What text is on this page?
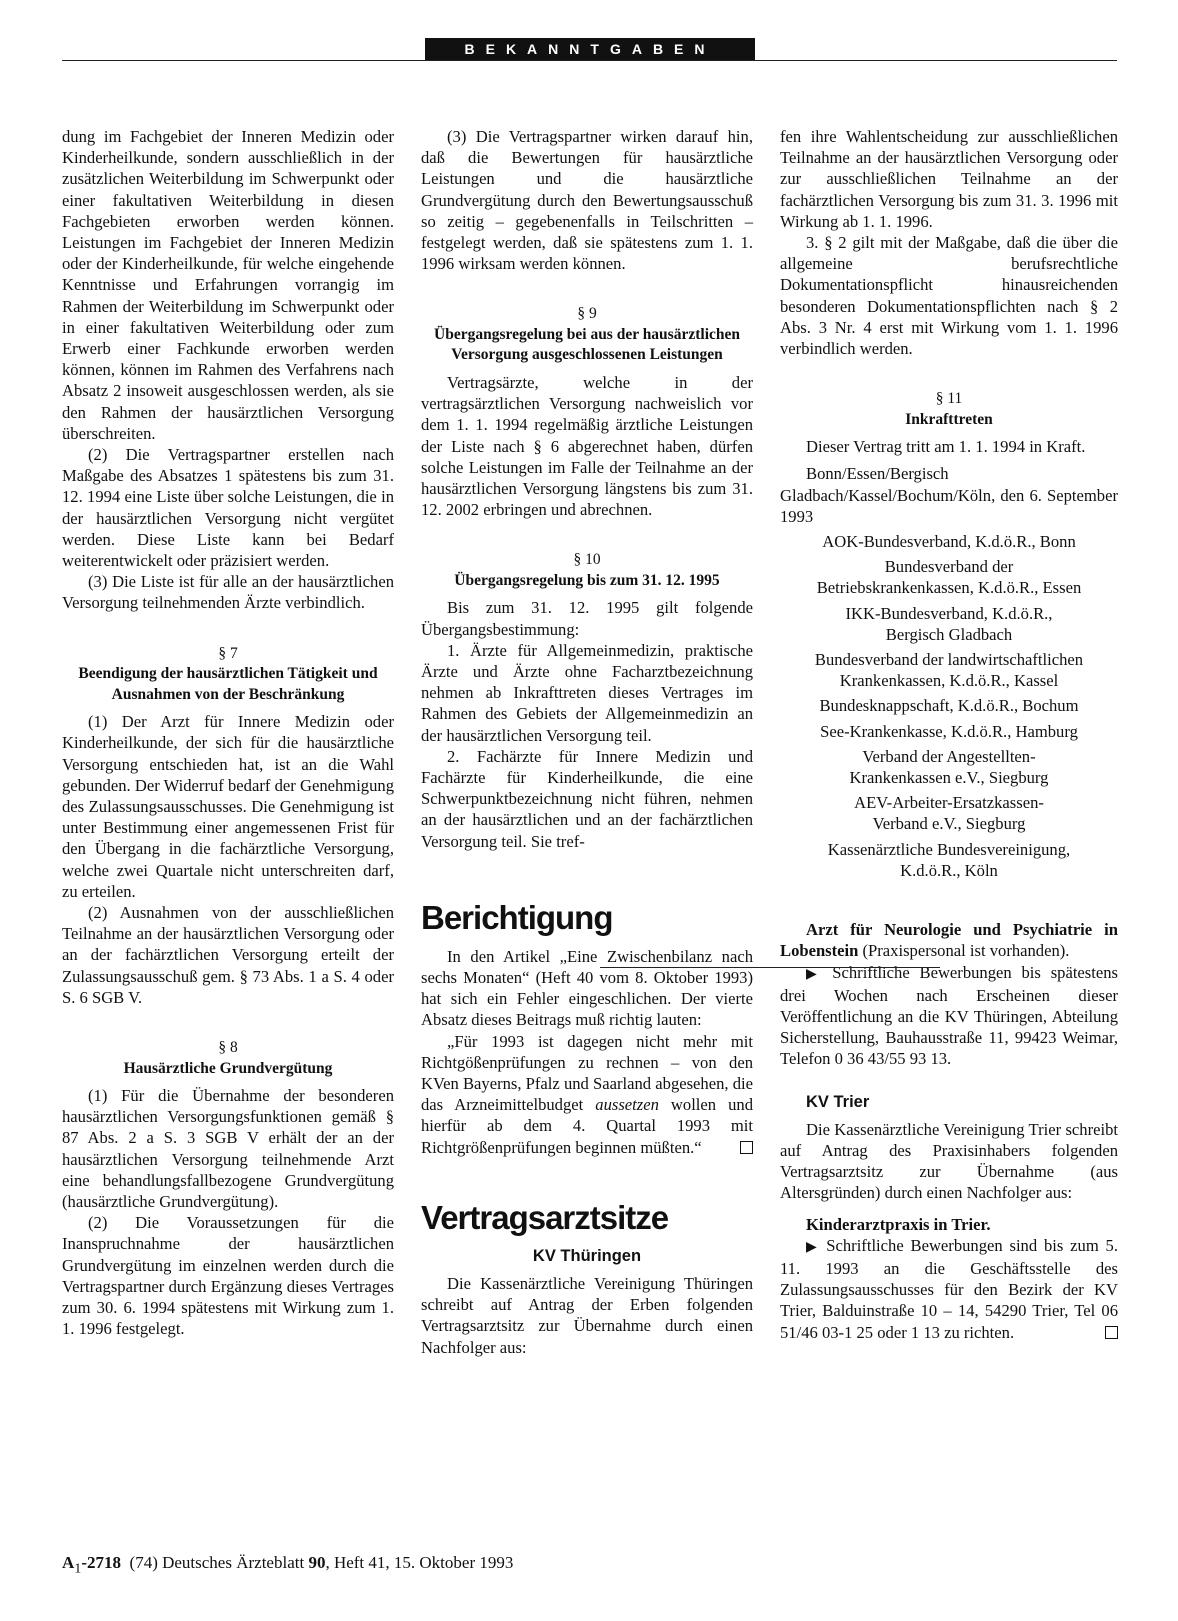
BEKANNTGABEN

dung im Fachgebiet der Inneren Medizin oder Kinderheilkunde, sondern ausschließlich in der zusätzlichen Weiterbildung im Schwerpunkt oder einer fakultativen Weiterbildung in diesen Fachgebieten erworben werden können. Leistungen im Fachgebiet der Inneren Medizin oder der Kinderheilkunde, für welche eingehende Kenntnisse und Erfahrungen vorrangig im Rahmen der Weiterbildung im Schwerpunkt oder in einer fakultativen Weiterbildung oder zum Erwerb einer Fachkunde erworben werden können, können im Rahmen des Verfahrens nach Absatz 2 insoweit ausgeschlossen werden, als sie den Rahmen der hausärztlichen Versorgung überschreiten.

(2) Die Vertragspartner erstellen nach Maßgabe des Absatzes 1 spätestens bis zum 31. 12. 1994 eine Liste über solche Leistungen, die in der hausärztlichen Versorgung nicht vergütet werden. Diese Liste kann bei Bedarf weiterentwickelt oder präzisiert werden.

(3) Die Liste ist für alle an der hausärztlichen Versorgung teilnehmenden Ärzte verbindlich.

§ 7
Beendigung der hausärztlichen Tätigkeit und Ausnahmen von der Beschränkung

(1) Der Arzt für Innere Medizin oder Kinderheilkunde, der sich für die hausärztliche Versorgung entschieden hat, ist an die Wahl gebunden. Der Widerruf bedarf der Genehmigung des Zulassungsausschusses. Die Genehmigung ist unter Bestimmung einer angemessenen Frist für den Übergang in die fachärztliche Versorgung, welche zwei Quartale nicht unterschreiten darf, zu erteilen.

(2) Ausnahmen von der ausschließlichen Teilnahme an der hausärztlichen Versorgung oder an der fachärztlichen Versorgung erteilt der Zulassungsausschuß gem. § 73 Abs. 1 a S. 4 oder S. 6 SGB V.

§ 8
Hausärztliche Grundvergütung

(1) Für die Übernahme der besonderen hausärztlichen Versorgungsfunktionen gemäß § 87 Abs. 2 a S. 3 SGB V erhält der an der hausärztlichen Versorgung teilnehmende Arzt eine behandlungsfallbezogene Grundvergütung (hausärztliche Grundvergütung).

(2) Die Voraussetzungen für die Inanspruchnahme der hausärztlichen Grundvergütung im einzelnen werden durch die Vertragspartner durch Ergänzung dieses Vertrages zum 30. 6. 1994 spätestens mit Wirkung zum 1. 1. 1996 festgelegt.

(3) Die Vertragspartner wirken darauf hin, daß die Bewertungen für hausärztliche Leistungen und die hausärztliche Grundvergütung durch den Bewertungsausschuß so zeitig – gegebenenfalls in Teilschritten – festgelegt werden, daß sie spätestens zum 1. 1. 1996 wirksam werden können.

§ 9
Übergangsregelung bei aus der hausärztlichen Versorgung ausgeschlossenen Leistungen

Vertragsärzte, welche in der vertragsärztlichen Versorgung nachweislich vor dem 1. 1. 1994 regelmäßig ärztliche Leistungen der Liste nach § 6 abgerechnet haben, dürfen solche Leistungen im Falle der Teilnahme an der hausärztlichen Versorgung längstens bis zum 31. 12. 2002 erbringen und abrechnen.

§ 10
Übergangsregelung bis zum 31. 12. 1995

Bis zum 31. 12. 1995 gilt folgende Übergangsbestimmung:

1. Ärzte für Allgemeinmedizin, praktische Ärzte und Ärzte ohne Facharztbezeichnung nehmen ab Inkrafttreten dieses Vertrages im Rahmen des Gebiets der Allgemeinmedizin an der hausärztlichen Versorgung teil.

2. Fachärzte für Innere Medizin und Fachärzte für Kinderheilkunde, die eine Schwerpunktbezeichnung nicht führen, nehmen an der hausärztlichen und an der fachärztlichen Versorgung teil. Sie tref-

Berichtigung

In den Artikel „Eine Zwischenbilanz nach sechs Monaten“ (Heft 40 vom 8. Oktober 1993) hat sich ein Fehler eingeschlichen. Der vierte Absatz dieses Beitrags muß richtig lauten:

„Für 1993 ist dagegen nicht mehr mit Richtgößenprüfungen zu rechnen – von den KVen Bayerns, Pfalz und Saarland abgesehen, die das Arzneimittelbudget aussetzen wollen und hierfür ab dem 4. Quartal 1993 mit Richtgrößenprüfungen beginnen müßten.“

Vertragsarztsitze
KV Thüringen

Die Kassenärztliche Vereinigung Thüringen schreibt auf Antrag der Erben folgenden Vertragsarztsitz zur Übernahme durch einen Nachfolger aus:

fen ihre Wahlentscheidung zur ausschließlichen Teilnahme an der hausärztlichen Versorgung oder zur ausschließlichen Teilnahme an der fachärztlichen Versorgung bis zum 31. 3. 1996 mit Wirkung ab 1. 1. 1996.

3. § 2 gilt mit der Maßgabe, daß die über die allgemeine berufsrechtliche Dokumentationspflicht hinausreichenden besonderen Dokumentationspflichten nach § 2 Abs. 3 Nr. 4 erst mit Wirkung vom 1. 1. 1996 verbindlich werden.

§ 11
Inkrafttreten

Dieser Vertrag tritt am 1. 1. 1994 in Kraft.

Bonn/Essen/Bergisch Gladbach/Kassel/Bochum/Köln, den 6. September 1993

AOK-Bundesverband, K.d.ö.R., Bonn
Bundesverband der
Betriebskrankenkassen, K.d.ö.R., Essen
IKK-Bundesverband, K.d.ö.R.,
Bergisch Gladbach
Bundesverband der landwirtschaftlichen
Krankenkassen, K.d.ö.R., Kassel
Bundesknappschaft, K.d.ö.R., Bochum
See-Krankenkasse, K.d.ö.R., Hamburg
Verband der Angestellten-
Krankenkassen e.V., Siegburg
AEV-Arbeiter-Ersatzkassen-
Verband e.V., Siegburg
Kassenärztliche Bundesvereinigung,
K.d.ö.R., Köln

Arzt für Neurologie und Psychiatrie in Lobenstein (Praxispersonal ist vorhanden).

▶ Schriftliche Bewerbungen bis spätestens drei Wochen nach Erscheinen dieser Veröffentlichung an die KV Thüringen, Abteilung Sicherstellung, Bauhausstraße 11, 99423 Weimar, Telefon 0 36 43/55 93 13.

KV Trier

Die Kassenärztliche Vereinigung Trier schreibt auf Antrag des Praxisinhabers folgenden Vertragsarztsitz zur Übernahme (aus Altersgründen) durch einen Nachfolger aus:

Kinderarztpraxis in Trier.

▶ Schriftliche Bewerbungen sind bis zum 5. 11. 1993 an die Geschäftsstelle des Zulassungsausschusses für den Bezirk der KV Trier, Balduinstraße 10 – 14, 54290 Trier, Tel 06 51/46 03-1 25 oder 1 13 zu richten.

$A_1-2718$ (74) Deutsches Ärzteblatt 90, Heft 41, 15. Oktober 1993
